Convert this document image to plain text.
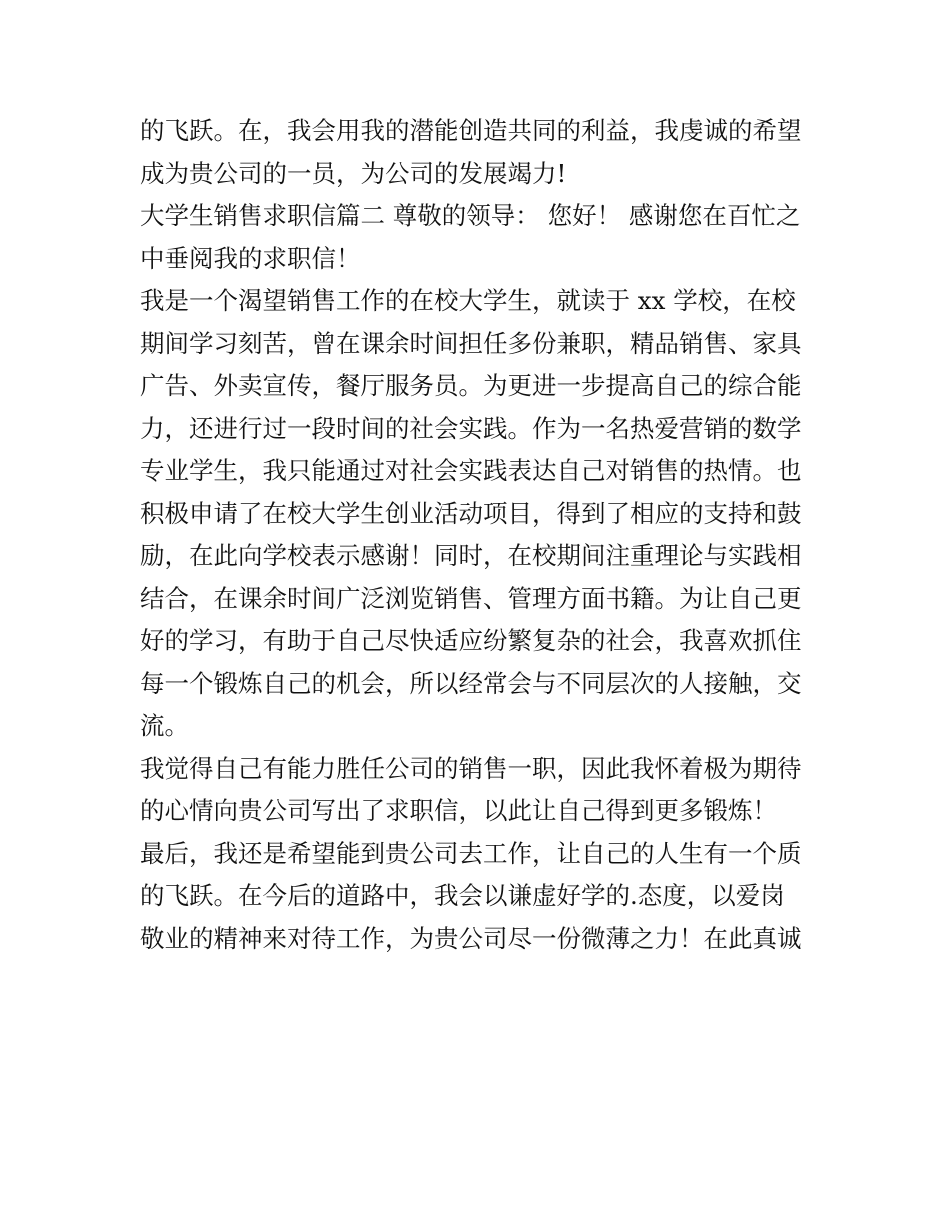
的飞跃。在，我会用我的潜能创造共同的利益，我虔诚的希望
成为贵公司的一员，为公司的发展竭力!
大学生销售求职信篇二 尊敬的领导： 您好！ 感谢您在百忙之
中垂阅我的求职信！
我是一个渴望销售工作的在校大学生，就读于 xx 学校，在校
期间学习刻苦，曾在课余时间担任多份兼职，精品销售、家具
广告、外卖宣传，餐厅服务员。为更进一步提高自己的综合能
力，还进行过一段时间的社会实践。作为一名热爱营销的数学
专业学生，我只能通过对社会实践表达自己对销售的热情。也
积极申请了在校大学生创业活动项目，得到了相应的支持和鼓
励，在此向学校表示感谢！同时，在校期间注重理论与实践相
结合，在课余时间广泛浏览销售、管理方面书籍。为让自己更
好的学习，有助于自己尽快适应纷繁复杂的社会，我喜欢抓住
每一个锻炼自己的机会，所以经常会与不同层次的人接触，交
流。
我觉得自己有能力胜任公司的销售一职，因此我怀着极为期待
的心情向贵公司写出了求职信，以此让自己得到更多锻炼！
最后，我还是希望能到贵公司去工作，让自己的人生有一个质
的飞跃。在今后的道路中，我会以谦虚好学的.态度，以爱岗
敬业的精神来对待工作，为贵公司尽一份微薄之力！在此真诚
